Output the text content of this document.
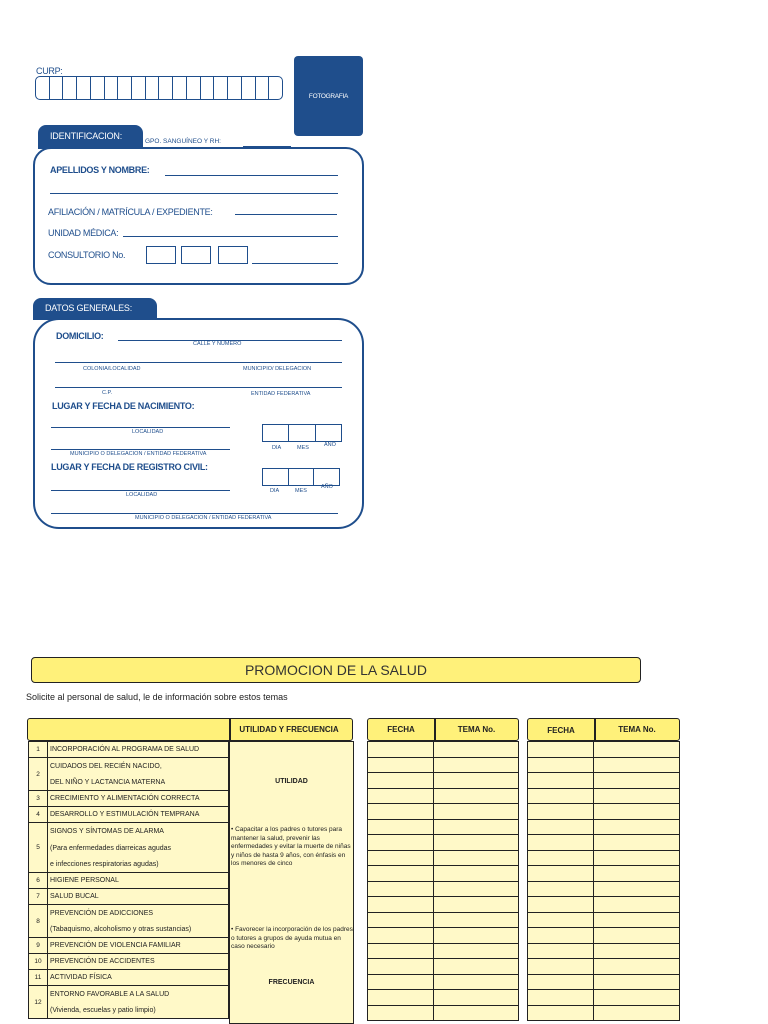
CURP:
FOTOGRAFIA
IDENTIFICACION:
GPO. SANGUÍNEO Y RH:
APELLIDOS Y NOMBRE:
AFILIACIÓN / MATRÍCULA / EXPEDIENTE:
UNIDAD MÉDICA:
CONSULTORIO No.
DATOS GENERALES:
DOMICILIO:
CALLE Y NUMERO
COLONIA/LOCALIDAD	MUNICIPIO/ DELEGACION
C.P.	ENTIDAD FEDERATIVA
LUGAR Y FECHA DE NACIMIENTO:
LOCALIDAD
MUNICIPIO O DELEGACION / ENTIDAD FEDERATIVA
DIA	MES	AÑO
LUGAR Y FECHA DE REGISTRO CIVIL:
LOCALIDAD
DIA	MES
AÑO
MUNICIPIO O DELEGACION / ENTIDAD FEDERATIVA
PROMOCION DE LA SALUD
Solicite al personal de salud, le de información sobre estos temas
UTILIDAD Y FRECUENCIA	FECHA	TEMA No.	FECHA	TEMA No.
1	INCORPORACIÓN AL PROGRAMA DE SALUD
2	CUIDADOS DEL RECIÉN NACIDO,
	DEL NIÑO Y LACTANCIA MATERNA
3	CRECIMIENTO Y ALIMENTACIÓN CORRECTA
4	DESARROLLO Y ESTIMULACIÓN TEMPRANA
5	SIGNOS Y SÍNTOMAS DE ALARMA
	(Para enfermedades diarreicas agudas
	e infecciones respiratorias agudas)
6	HIGIENE PERSONAL
7	SALUD BUCAL
8	PREVENCIÓN DE ADICCIONES
	(Tabaquismo, alcoholismo y otras sustancias)
9	PREVENCIÓN DE VIOLENCIA FAMILIAR
10	PREVENCIÓN DE ACCIDENTES
11	ACTIVIDAD FÍSICA
12	ENTORNO FAVORABLE A LA SALUD
	(Vivienda, escuelas y patio limpio)
UTILIDAD
• Capacitar a los padres o tutores para mantener la salud, prevenir las enfermedades y evitar la muerte de niñas y niños de hasta 9 años, con énfasis en los menores de cinco
• Favorecer la incorporación de los padres o tutores a grupos de ayuda mutua en caso necesario
FRECUENCIA
